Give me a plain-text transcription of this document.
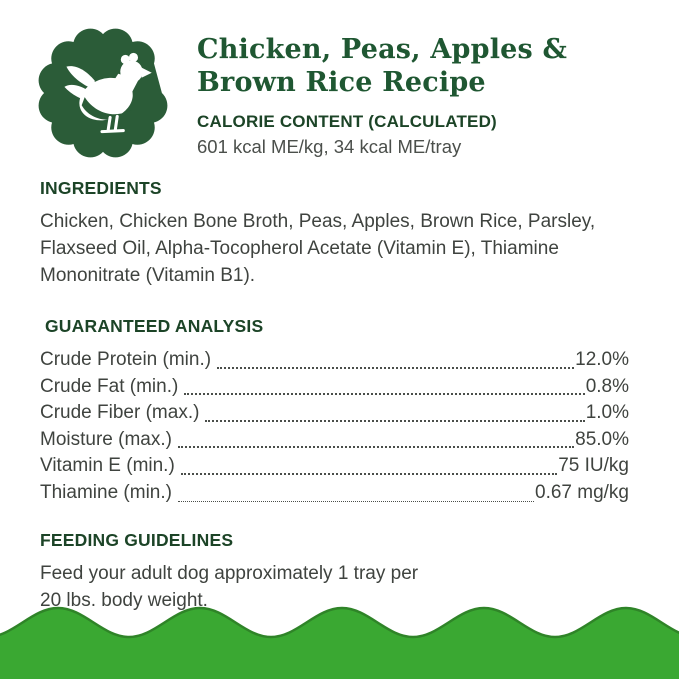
Chicken, Peas, Apples &
Brown Rice Recipe
CALORIE CONTENT (CALCULATED)
601 kcal ME/kg, 34 kcal ME/tray
INGREDIENTS

Chicken, Chicken Bone Broth, Peas, Apples, Brown Rice, Parsley, Flaxseed Oil, Alpha-Tocopherol Acetate (Vitamin E), Thiamine Mononitrate (Vitamin B1).

GUARANTEED ANALYSIS
Crude Protein (min.)	12.0%
Crude Fat (min.)	0.8%
Crude Fiber (max.)	1.0%
Moisture (max.)	85.0%
Vitamin E (min.)	75 IU/kg
Thiamine (min.)	0.67 mg/kg
FEEDING GUIDELINES

Feed your adult dog approximately 1 tray per
20 lbs. body weight.
